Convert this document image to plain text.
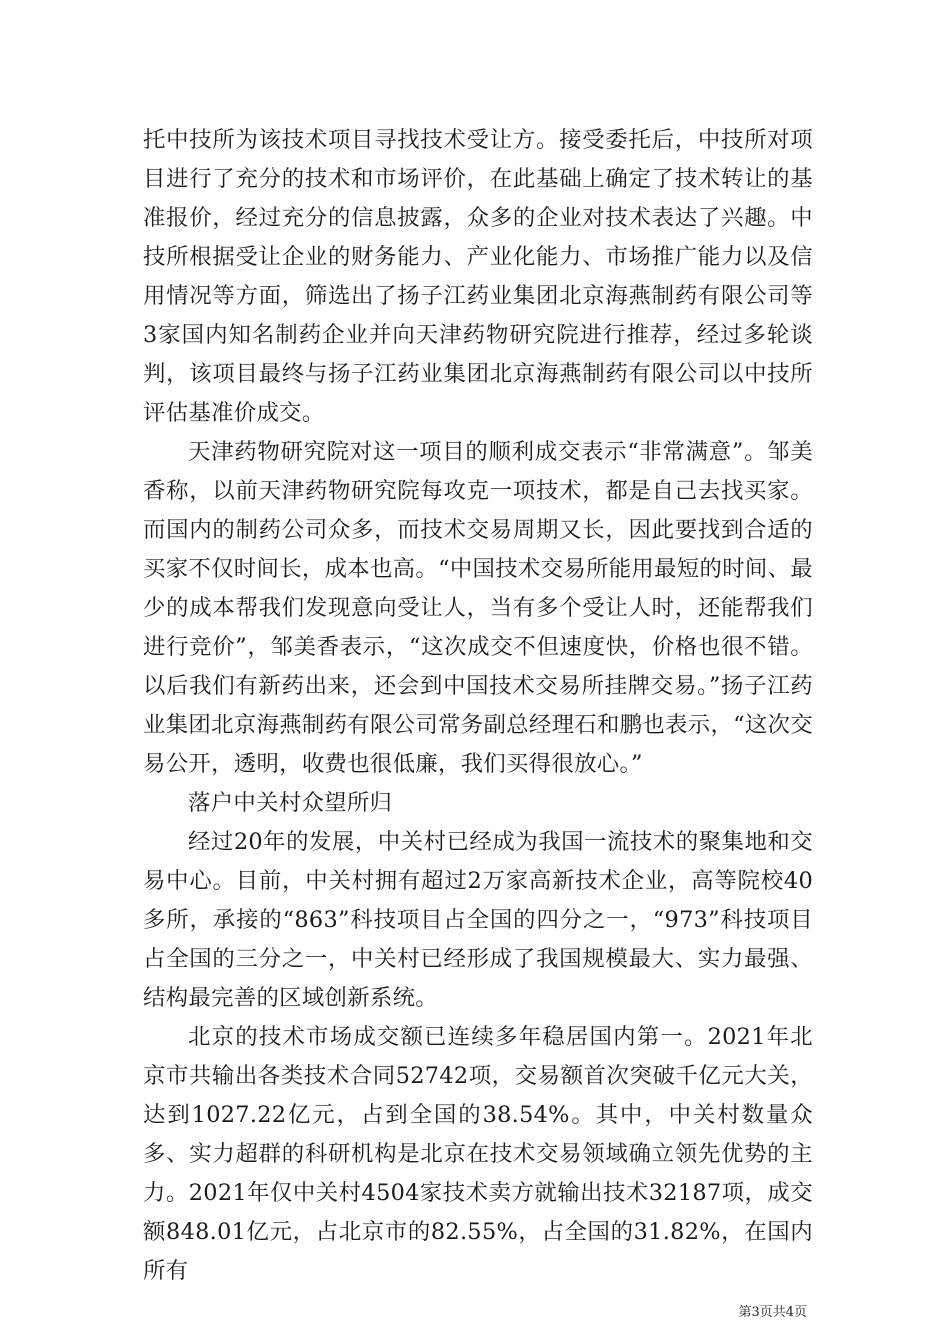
托中技所为该技术项目寻找技术受让方。接受委托后，中技所对项目进行了充分的技术和市场评价，在此基础上确定了技术转让的基准报价，经过充分的信息披露，众多的企业对技术表达了兴趣。中技所根据受让企业的财务能力、产业化能力、市场推广能力以及信用情况等方面，筛选出了扬子江药业集团北京海燕制药有限公司等3家国内知名制药企业并向天津药物研究院进行推荐，经过多轮谈判，该项目最终与扬子江药业集团北京海燕制药有限公司以中技所评估基准价成交。

天津药物研究院对这一项目的顺利成交表示“非常满意”。邹美香称，以前天津药物研究院每攻克一项技术，都是自己去找买家。而国内的制药公司众多，而技术交易周期又长，因此要找到合适的买家不仅时间长，成本也高。“中国技术交易所能用最短的时间、最少的成本帮我们发现意向受让人，当有多个受让人时，还能帮我们进行竞价”，邹美香表示，“这次成交不但速度快，价格也很不错。以后我们有新药出来，还会到中国技术交易所挂牌交易。”扬子江药业集团北京海燕制药有限公司常务副总经理石和鹏也表示，“这次交易公开，透明，收费也很低廉，我们买得很放心。”

落户中关村众望所归

经过20年的发展，中关村已经成为我国一流技术的聚集地和交易中心。目前，中关村拥有超过2万家高新技术企业，高等院校40多所，承接的“863”科技项目占全国的四分之一，“973”科技项目占全国的三分之一，中关村已经形成了我国规模最大、实力最强、结构最完善的区域创新系统。

北京的技术市场成交额已连续多年稳居国内第一。2021年北京市共输出各类技术合同52742项，交易额首次突破千亿元大关，达到1027.22亿元，占到全国的38.54%。其中，中关村数量众多、实力超群的科研机构是北京在技术交易领域确立领先优势的主力。2021年仅中关村4504家技术卖方就输出技术32187项，成交额848.01亿元，占北京市的82.55%，占全国的31.82%，在国内所有

第3页共4页
